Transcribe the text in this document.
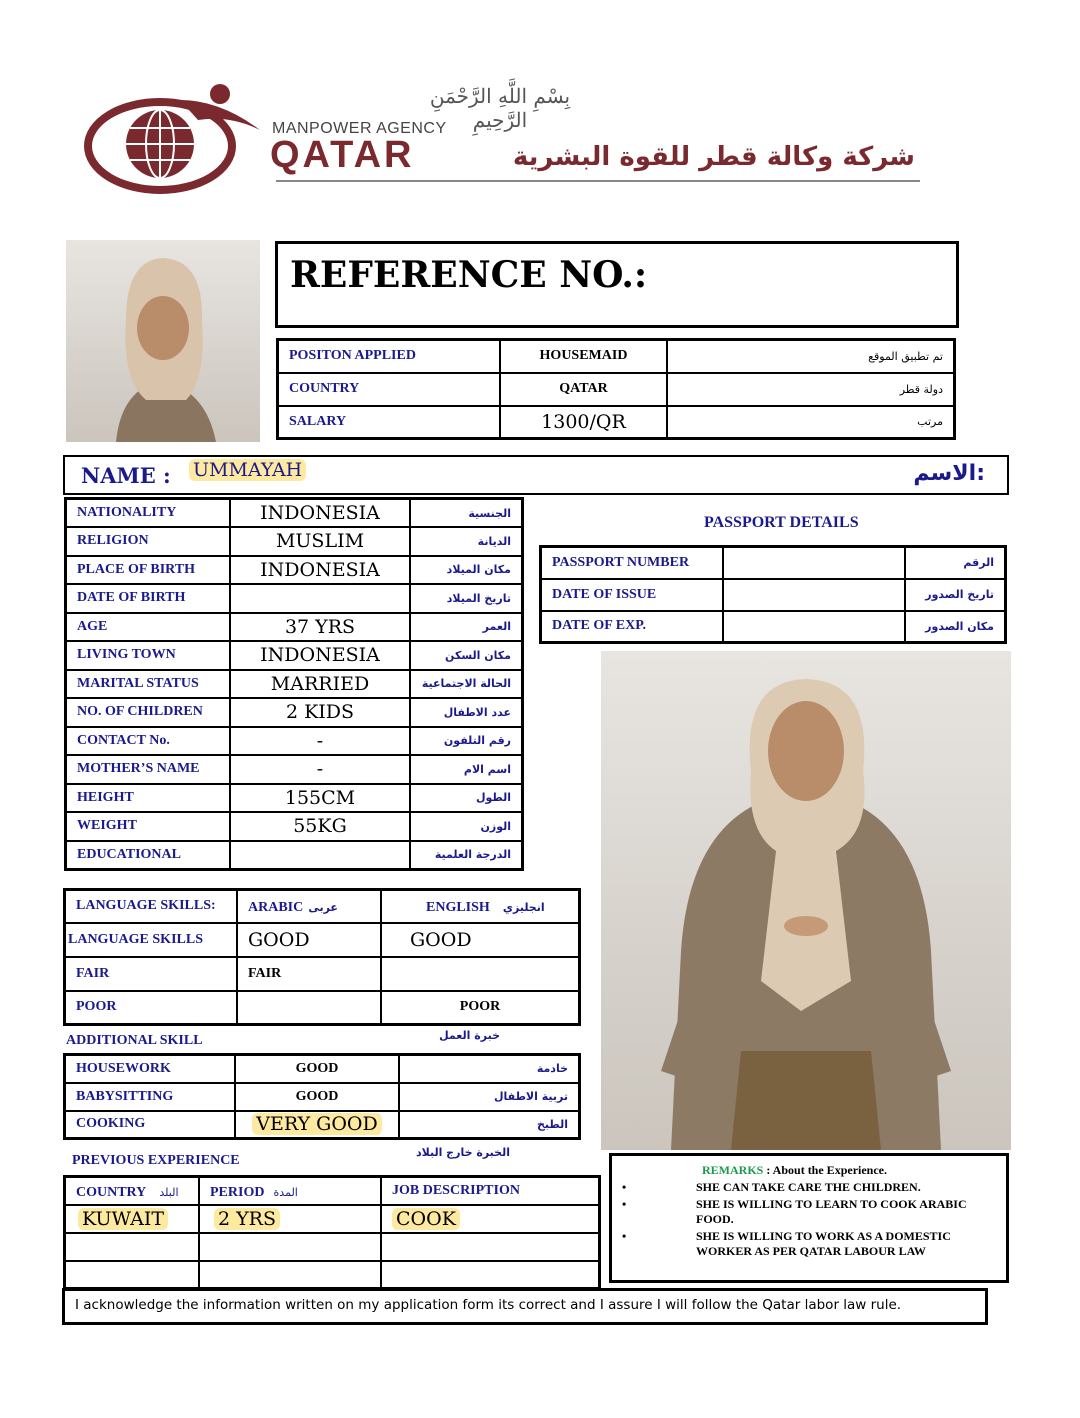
بِسْمِ اللَّهِ الرَّحْمَنِ الرَّحِيمِ
MANPOWER AGENCY
QATAR	شركة وكالة قطر للقوة البشرية
REFERENCE NO.:
POSITON APPLIED	HOUSEMAID	تم تطبيق الموقع
COUNTRY	QATAR	دولة قطر
SALARY	1300/QR	مرتب
NAME : UMMAYAH	:الاسم
NATIONALITY	INDONESIA	الجنسية
RELIGION	MUSLIM	الديانة
PLACE OF BIRTH	INDONESIA	مكان الميلاد
DATE OF BIRTH		تاريخ الميلاد
AGE	37 YRS	العمر
LIVING TOWN	INDONESIA	مكان السكن
MARITAL STATUS	MARRIED	الحالة الاجتماعية
NO. OF CHILDREN	2 KIDS	عدد الاطفال
CONTACT No.	-	رقم التلفون
MOTHER’S NAME	-	اسم الام
HEIGHT	155CM	الطول
WEIGHT	55KG	الوزن
EDUCATIONAL		الدرجة العلمية
PASSPORT DETAILS
PASSPORT NUMBER		الرقم
DATE OF ISSUE		تاريخ الصدور
DATE OF EXP.		مكان الصدور
LANGUAGE SKILLS:	ARABIC عربى	ENGLISH انجليزي
LANGUAGE SKILLS	GOOD	GOOD
FAIR	FAIR	
POOR		POOR
ADDITIONAL SKILL	خبرة العمل
HOUSEWORK	GOOD	خادمة
BABYSITTING	GOOD	تربية الاطفال
COOKING	VERY GOOD	الطبخ
PREVIOUS EXPERIENCE
الخبرة خارج البلاد
COUNTRY البلد	PERIOD المدة	JOB DESCRIPTION
KUWAIT	2 YRS	COOK

REMARKS : About the Experience.
•	SHE CAN TAKE CARE THE CHILDREN.
•	SHE IS WILLING TO LEARN TO COOK ARABIC FOOD.
•	SHE IS WILLING TO WORK AS A DOMESTIC WORKER AS PER QATAR LABOUR LAW
I acknowledge the information written on my application form its correct and I assure I will follow the Qatar labor law rule.
